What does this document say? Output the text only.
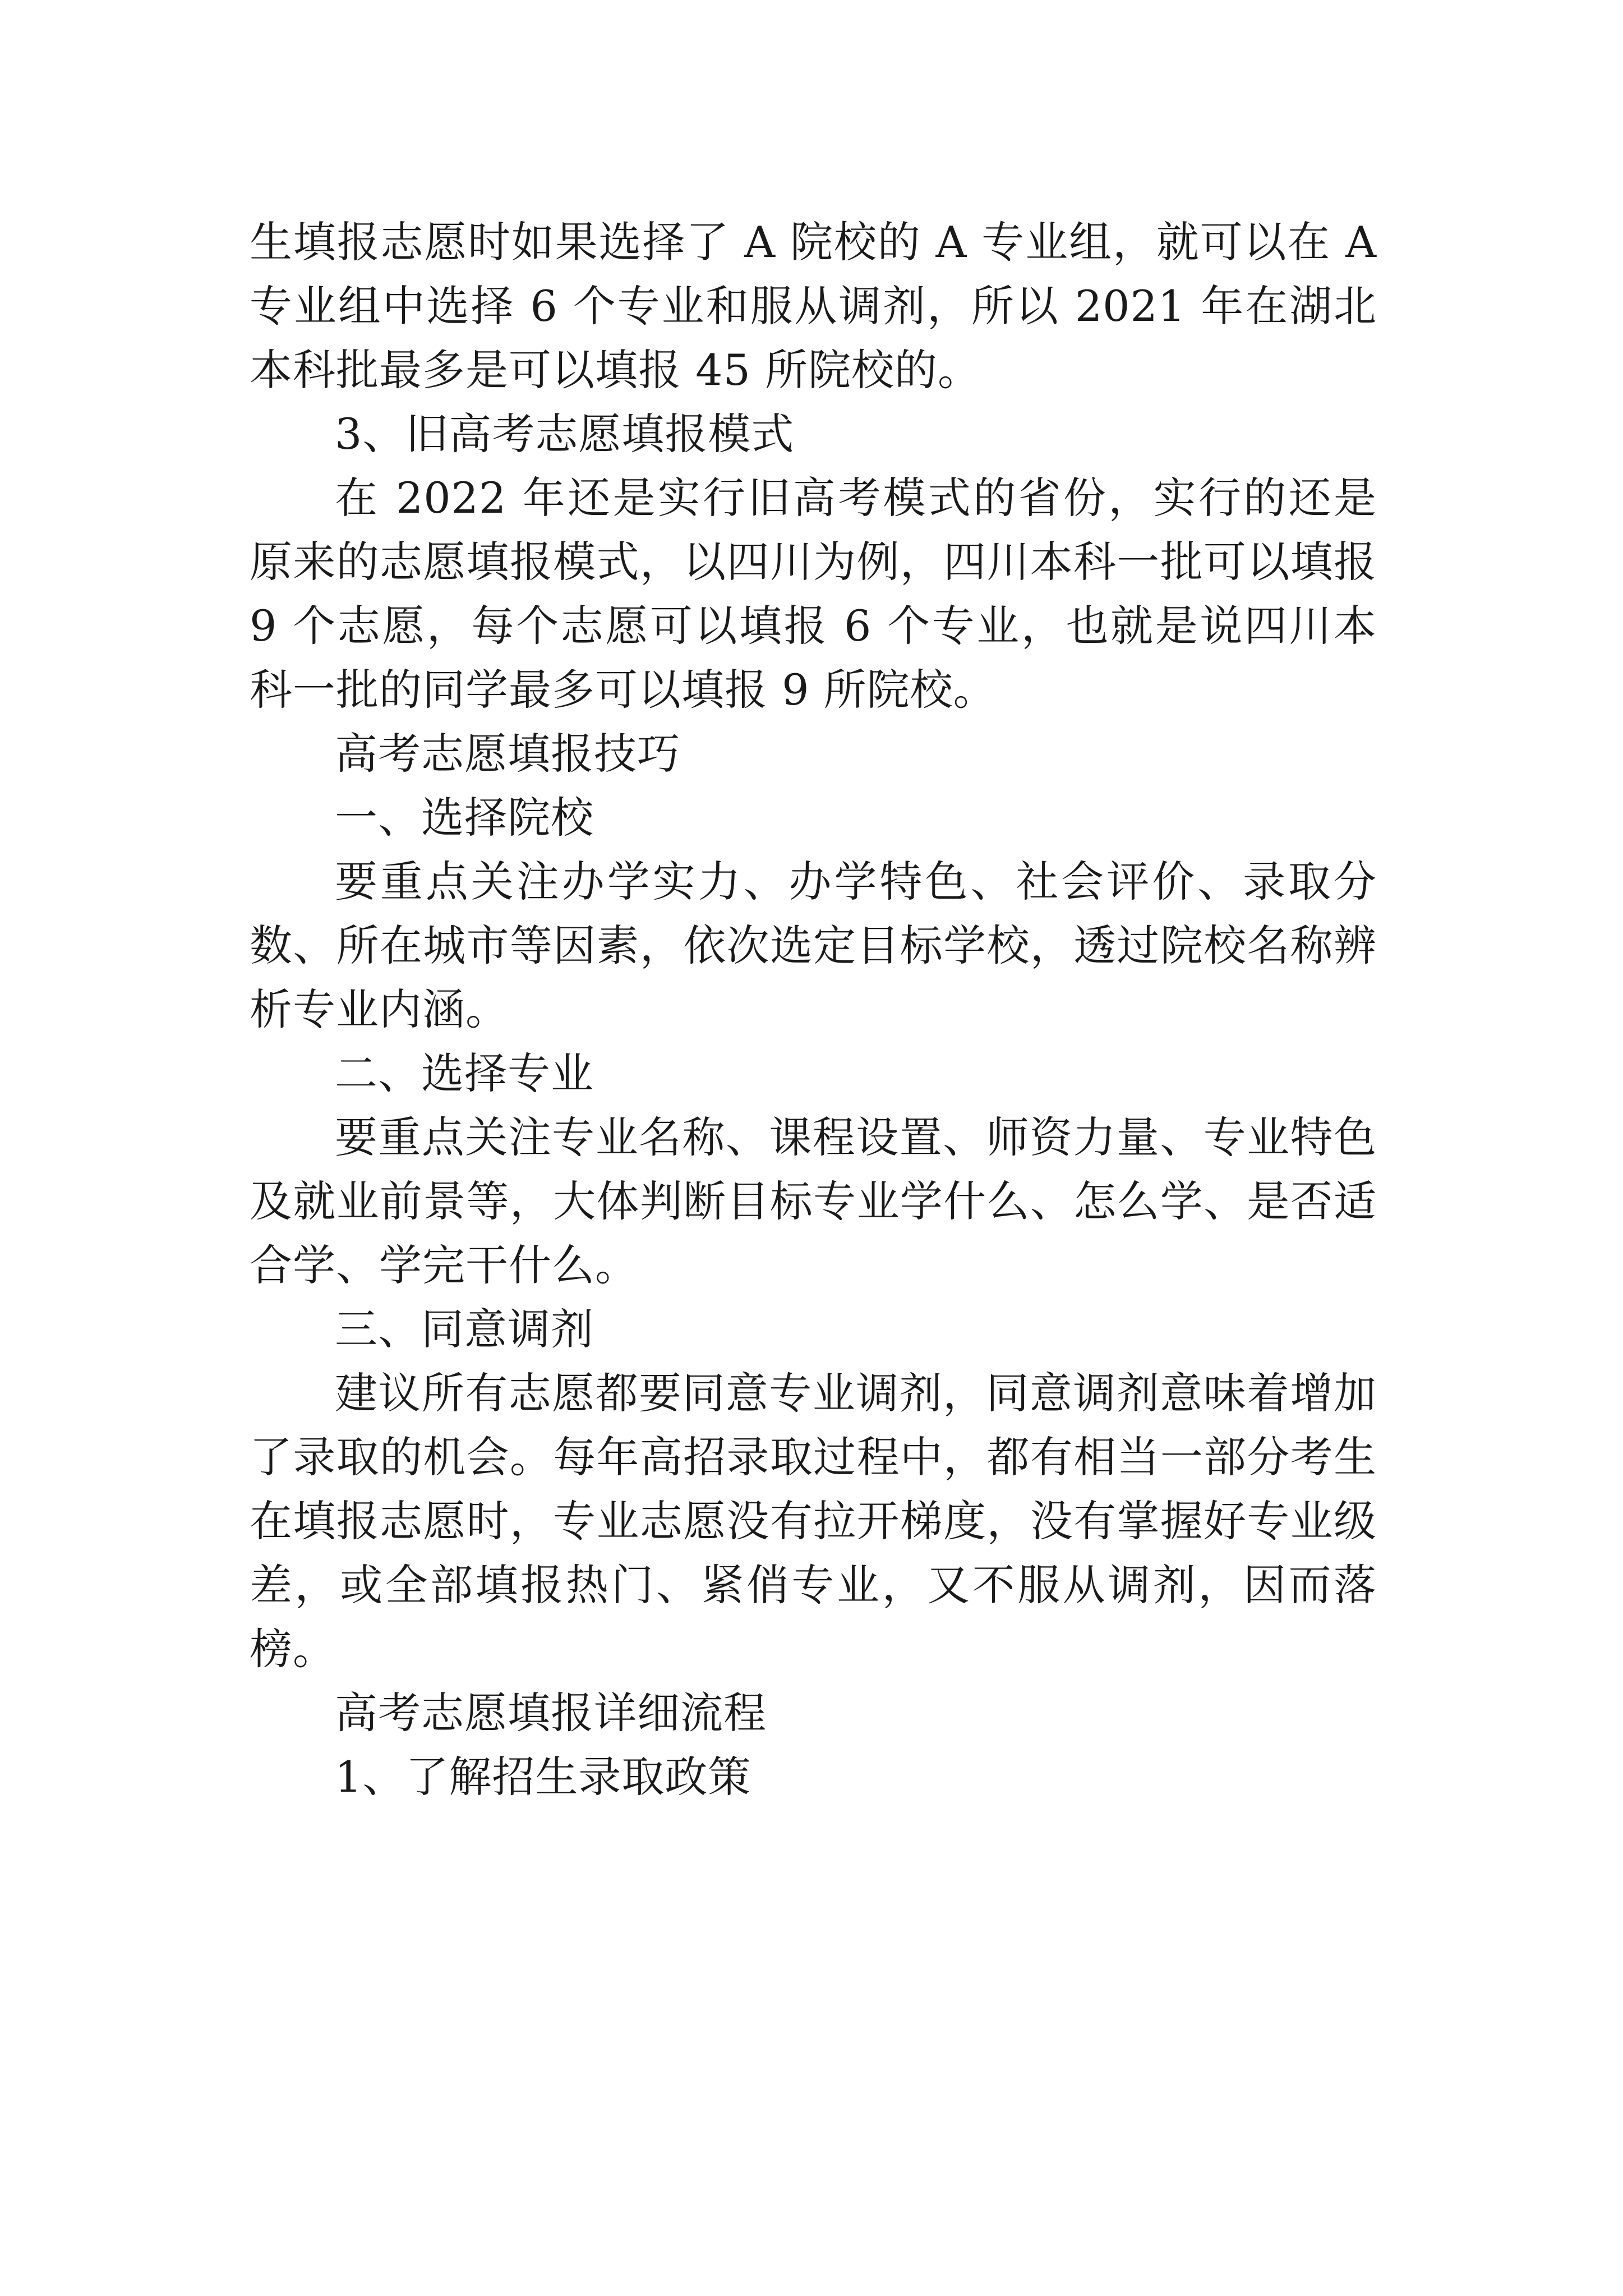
生填报志愿时如果选择了 A 院校的 A 专业组，就可以在 A 专业组中选择 6 个专业和服从调剂，所以 2021 年在湖北本科批最多是可以填报 45 所院校的。

3、旧高考志愿填报模式

在 2022 年还是实行旧高考模式的省份，实行的还是原来的志愿填报模式，以四川为例，四川本科一批可以填报 9 个志愿，每个志愿可以填报 6 个专业，也就是说四川本科一批的同学最多可以填报 9 所院校。

高考志愿填报技巧

一、选择院校

要重点关注办学实力、办学特色、社会评价、录取分数、所在城市等因素，依次选定目标学校，透过院校名称辨析专业内涵。

二、选择专业

要重点关注专业名称、课程设置、师资力量、专业特色及就业前景等，大体判断目标专业学什么、怎么学、是否适合学、学完干什么。

三、同意调剂

建议所有志愿都要同意专业调剂，同意调剂意味着增加了录取的机会。每年高招录取过程中，都有相当一部分考生在填报志愿时，专业志愿没有拉开梯度，没有掌握好专业级差，或全部填报热门、紧俏专业，又不服从调剂，因而落榜。

高考志愿填报详细流程

1、了解招生录取政策
